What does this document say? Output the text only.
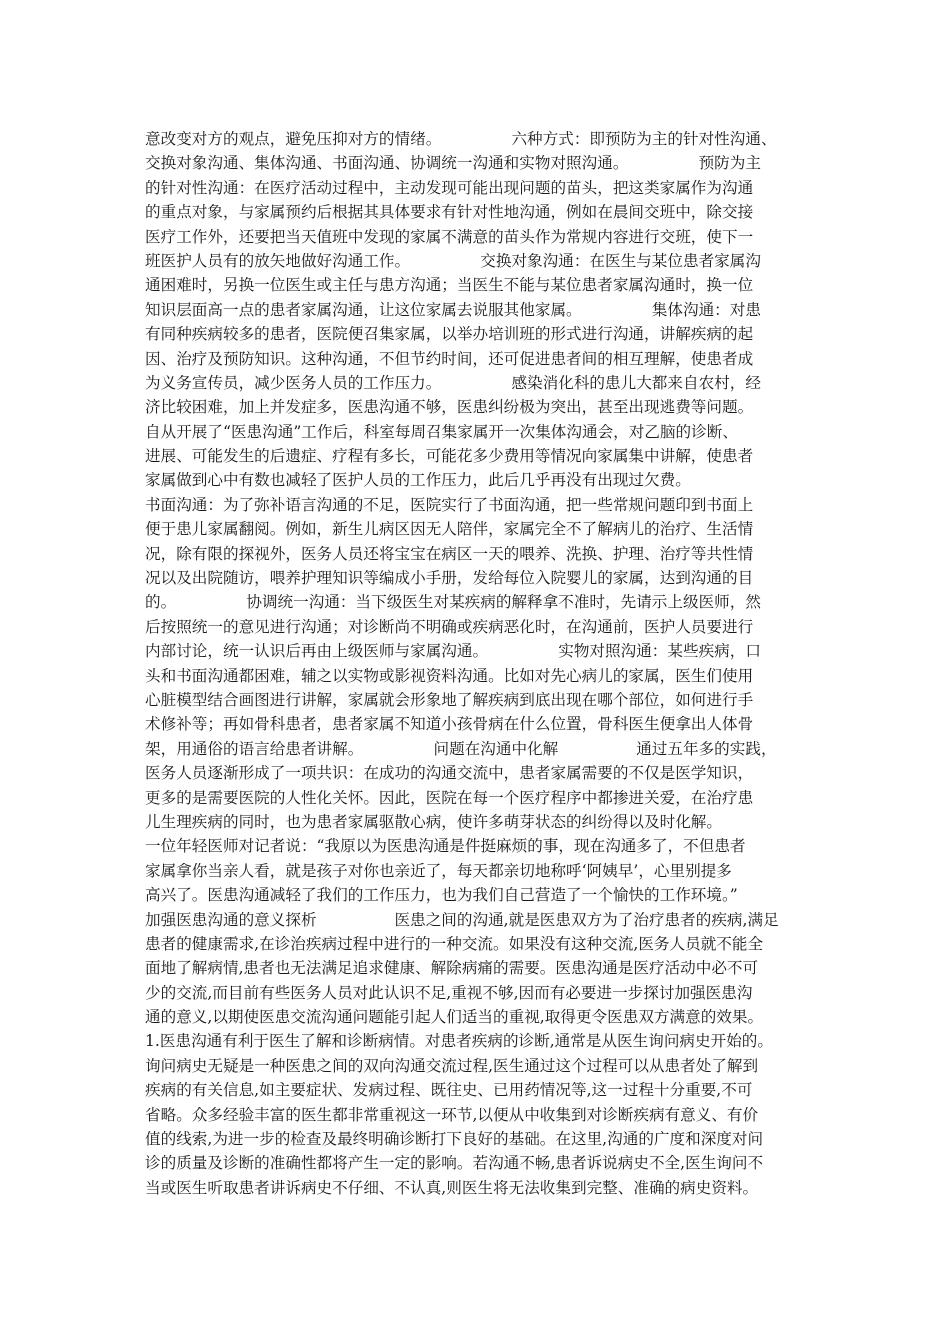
意改变对方的观点，避免压抑对方的情绪。　　　　　六种方式：即预防为主的针对性沟通、
交换对象沟通、集体沟通、书面沟通、协调统一沟通和实物对照沟通。　　　　　预防为主
的针对性沟通：在医疗活动过程中，主动发现可能出现问题的苗头，把这类家属作为沟通
的重点对象，与家属预约后根据其具体要求有针对性地沟通，例如在晨间交班中，除交接
医疗工作外，还要把当天值班中发现的家属不满意的苗头作为常规内容进行交班，使下一
班医护人员有的放矢地做好沟通工作。　　　　　交换对象沟通：在医生与某位患者家属沟
通困难时，另换一位医生或主任与患方沟通；当医生不能与某位患者家属沟通时，换一位
知识层面高一点的患者家属沟通，让这位家属去说服其他家属。　　　　　集体沟通：对患
有同种疾病较多的患者，医院便召集家属，以举办培训班的形式进行沟通，讲解疾病的起
因、治疗及预防知识。这种沟通，不但节约时间，还可促进患者间的相互理解，使患者成
为义务宣传员，减少医务人员的工作压力。　　　　　感染消化科的患儿大都来自农村，经
济比较困难，加上并发症多，医患沟通不够，医患纠纷极为突出，甚至出现逃费等问题。
自从开展了“医患沟通”工作后，科室每周召集家属开一次集体沟通会，对乙脑的诊断、
进展、可能发生的后遗症、疗程有多长，可能花多少费用等情况向家属集中讲解，使患者
家属做到心中有数也减轻了医护人员的工作压力，此后几乎再没有出现过欠费。
书面沟通：为了弥补语言沟通的不足，医院实行了书面沟通，把一些常规问题印到书面上
便于患儿家属翻阅。例如，新生儿病区因无人陪伴，家属完全不了解病儿的治疗、生活情
况，除有限的探视外，医务人员还将宝宝在病区一天的喂养、洗换、护理、治疗等共性情
况以及出院随访，喂养护理知识等编成小手册，发给每位入院婴儿的家属，达到沟通的目
的。　　　　　协调统一沟通：当下级医生对某疾病的解释拿不准时，先请示上级医师，然
后按照统一的意见进行沟通；对诊断尚不明确或疾病恶化时，在沟通前，医护人员要进行
内部讨论，统一认识后再由上级医师与家属沟通。　　　　　实物对照沟通：某些疾病，口
头和书面沟通都困难，辅之以实物或影视资料沟通。比如对先心病儿的家属，医生们使用
心脏模型结合画图进行讲解，家属就会形象地了解疾病到底出现在哪个部位，如何进行手
术修补等；再如骨科患者，患者家属不知道小孩骨病在什么位置，骨科医生便拿出人体骨
架，用通俗的语言给患者讲解。　　　　　问题在沟通中化解　　　　　通过五年多的实践，
医务人员逐渐形成了一项共识：在成功的沟通交流中，患者家属需要的不仅是医学知识，
更多的是需要医院的人性化关怀。因此，医院在每一个医疗程序中都掺进关爱，在治疗患
儿生理疾病的同时，也为患者家属驱散心病，使许多萌芽状态的纠纷得以及时化解。
一位年轻医师对记者说：“我原以为医患沟通是件挺麻烦的事，现在沟通多了，不但患者
家属拿你当亲人看，就是孩子对你也亲近了，每天都亲切地称呼‘阿姨早’，心里别提多
高兴了。医患沟通减轻了我们的工作压力，也为我们自己营造了一个愉快的工作环境。”
加强医患沟通的意义探析　　　　　医患之间的沟通,就是医患双方为了治疗患者的疾病,满足
患者的健康需求,在诊治疾病过程中进行的一种交流。如果没有这种交流,医务人员就不能全
面地了解病情,患者也无法满足追求健康、解除病痛的需要。医患沟通是医疗活动中必不可
少的交流,而目前有些医务人员对此认识不足,重视不够,因而有必要进一步探讨加强医患沟
通的意义,以期使医患交流沟通问题能引起人们适当的重视,取得更令医患双方满意的效果。
1.医患沟通有利于医生了解和诊断病情。对患者疾病的诊断,通常是从医生询问病史开始的。
询问病史无疑是一种医患之间的双向沟通交流过程,医生通过这个过程可以从患者处了解到
疾病的有关信息,如主要症状、发病过程、既往史、已用药情况等,这一过程十分重要,不可
省略。众多经验丰富的医生都非常重视这一环节,以便从中收集到对诊断疾病有意义、有价
值的线索,为进一步的检查及最终明确诊断打下良好的基础。在这里,沟通的广度和深度对问
诊的质量及诊断的准确性都将产生一定的影响。若沟通不畅,患者诉说病史不全,医生询问不
当或医生听取患者讲诉病史不仔细、不认真,则医生将无法收集到完整、准确的病史资料。
